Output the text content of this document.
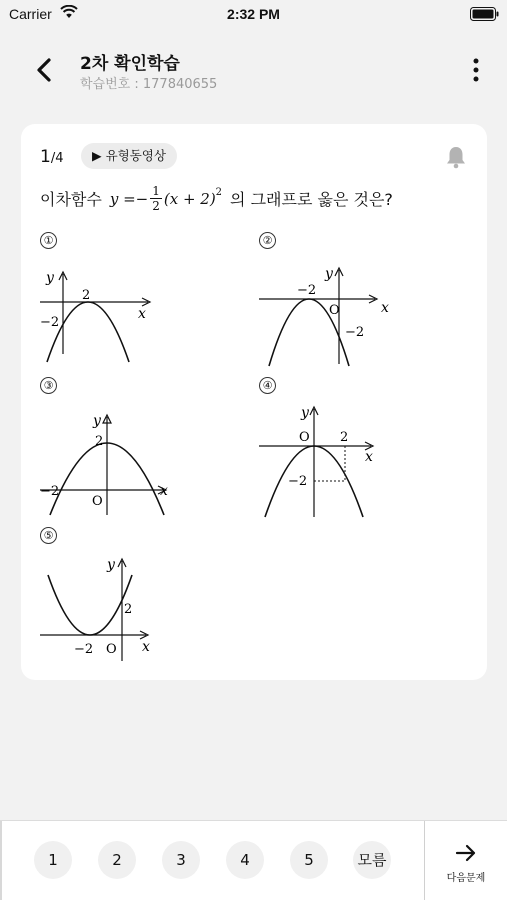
Carrier	2:32 PM
2차 확인학습
학습번호 : 177840655
1/4	▶ 유형동영상
이차함수 $y =- \frac{1}{2} (x + 2)^2$ 의 그래프로 옳은 것은?
①
y
x
2
−2
②
y
x
−2
O
−2
③
y
x
2
−2
O
④
y
x
O 2
−2
⑤
y
x
2
−2 O
1	2	3	4	5	모름
다음문제
